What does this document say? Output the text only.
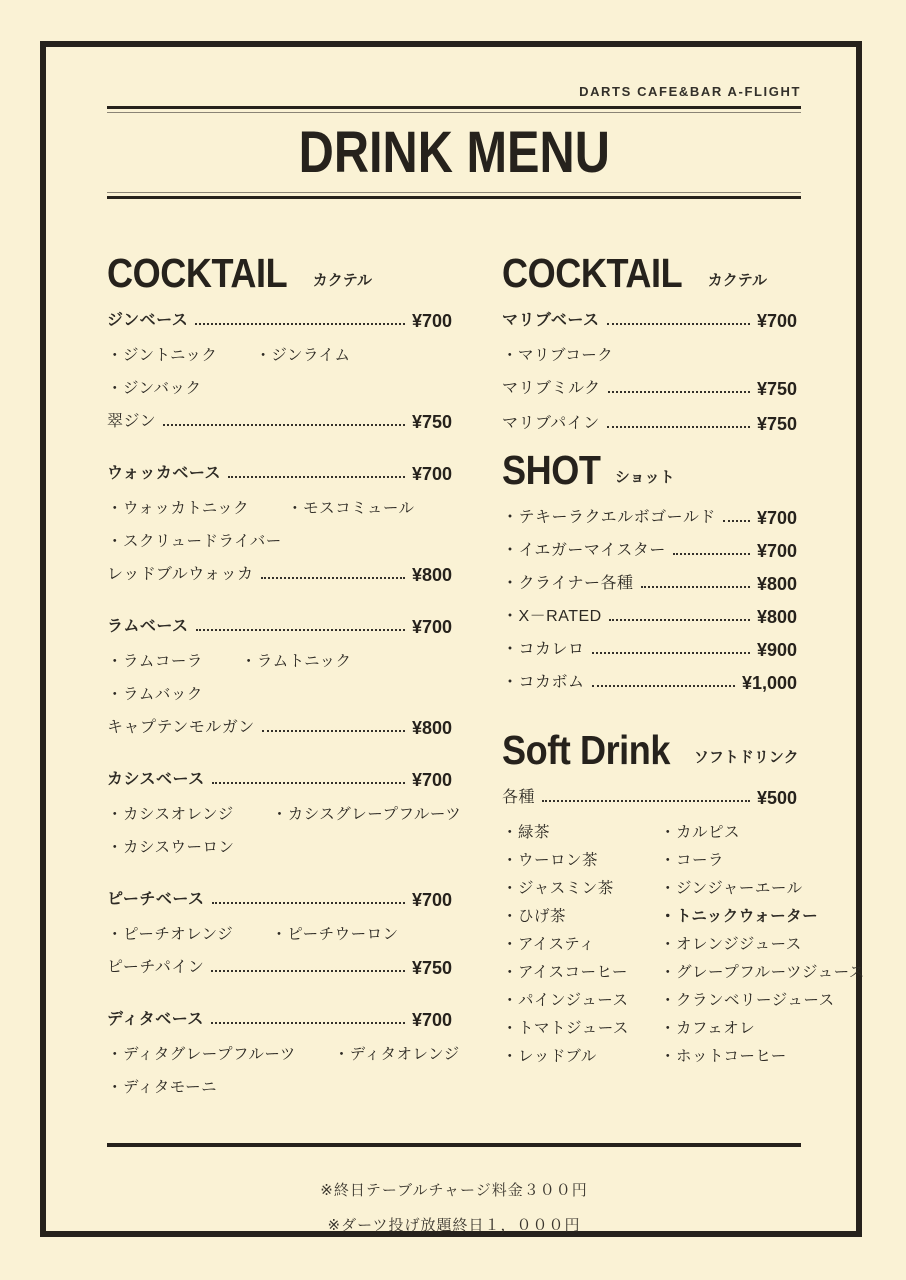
DARTS CAFE&BAR A-FLIGHT
DRINK MENU
COCKTAIL カクテル
ジンベース	¥700
・ジントニック ・ジンライム
・ジンバック
翠ジン	¥750
ウォッカベース	¥700
・ウォッカトニック ・モスコミュール
・スクリュードライバー
レッドブルウォッカ	¥800
ラムベース	¥700
・ラムコーラ ・ラムトニック
・ラムバック
キャプテンモルガン	¥800
カシスベース	¥700
・カシスオレンジ ・カシスグレープフルーツ
・カシスウーロン
ピーチベース	¥700
・ピーチオレンジ ・ピーチウーロン
ピーチパイン	¥750
ディタベース	¥700
・ディタグレープフルーツ ・ディタオレンジ
・ディタモーニ
COCKTAIL カクテル
マリブベース	¥700
・マリブコーク
マリブミルク	¥750
マリブパイン	¥750
SHOT ショット
・テキーラクエルボゴールド ¥700
・イエガーマイスター	¥700
・クライナー各種	¥800
・X－RATED	¥800
・コカレロ	¥900
・コカボム	¥1,000
Soft Drink ソフトドリンク
各種	¥500
・緑茶	・カルピス
・ウーロン茶	・コーラ
・ジャスミン茶	・ジンジャーエール
・ひげ茶	・トニックウォーター
・アイスティ	・オレンジジュース
・アイスコーヒー	・グレープフルーツジュース
・パインジュース	・クランベリージュース
・トマトジュース	・カフェオレ
・レッドブル	・ホットコーヒー
※終日テーブルチャージ料金３００円
※ダーツ投げ放題終日１，０００円
